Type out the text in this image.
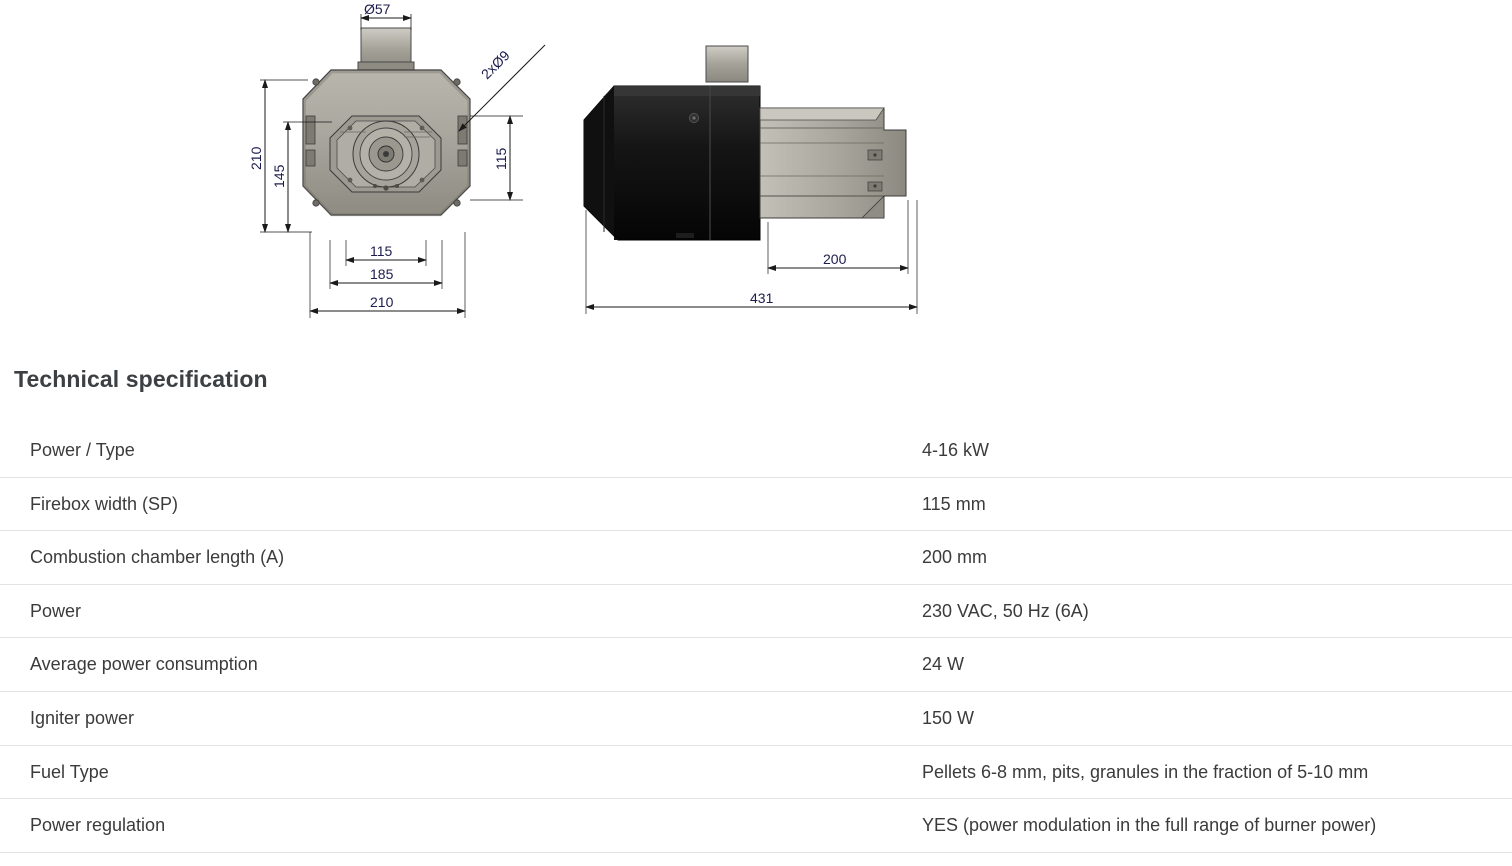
Ø57
2xØ9
210
145
115
115
185
210
200
431
Technical specification
Power / Type	4-16 kW
Firebox width (SP)	115 mm
Combustion chamber length (A)	200 mm
Power	230 VAC, 50 Hz (6A)
Average power consumption	24 W
Igniter power	150 W
Fuel Type	Pellets 6-8 mm, pits, granules in the fraction of 5-10 mm
Power regulation	YES (power modulation in the full range of burner power)
